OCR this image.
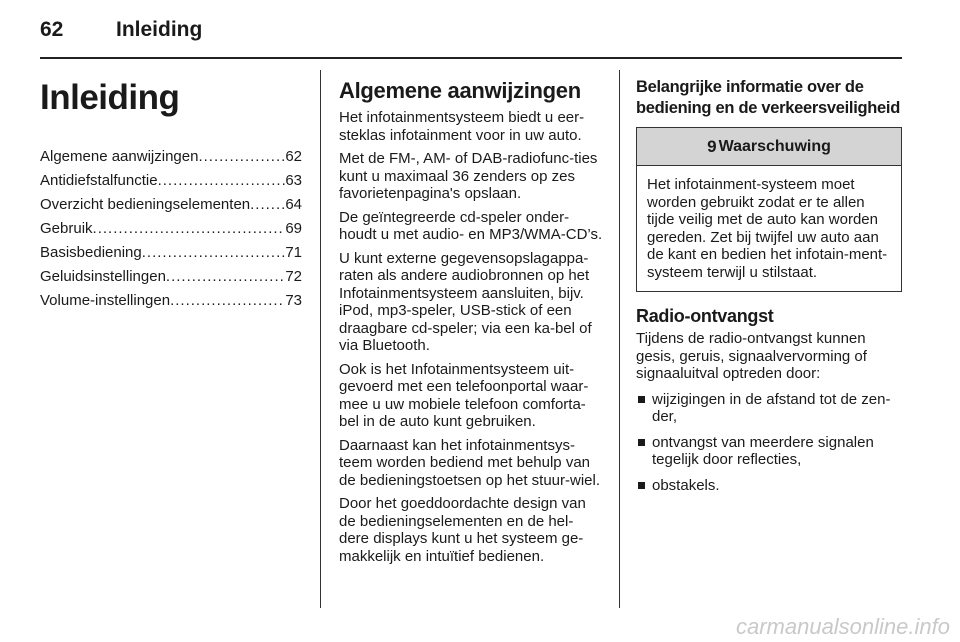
62	Inleiding
Inleiding
Algemene aanwijzingen .....	62
Antidiefstalfunctie .....	63
Overzicht bedieningselementen ..... 64
Gebruik .....	69
Basisbediening .....	71
Geluidsinstellingen .....	72
Volume-instellingen .....	73
Algemene aanwijzingen

Het infotainmentsysteem biedt u eer-steklas infotainment voor in uw auto.

Met de FM-, AM- of DAB-radiofunc-ties kunt u maximaal 36 zenders op zes favorietenpagina's opslaan.

De geïntegreerde cd-speler onder-houdt u met audio- en MP3/WMA-CD’s.

U kunt externe gegevensopslagappa-raten als andere audiobronnen op het Infotainmentsysteem aansluiten, bijv. iPod, mp3-speler, USB-stick of een draagbare cd-speler; via een ka-bel of via Bluetooth.

Ook is het Infotainmentsysteem uit-gevoerd met een telefoonportal waar-mee u uw mobiele telefoon comforta-bel in de auto kunt gebruiken.

Daarnaast kan het infotainmentsys-teem worden bediend met behulp van de bedieningstoetsen op het stuur-wiel.

Door het goeddoordachte design van de bedieningselementen en de hel-dere displays kunt u het systeem ge-makkelijk en intuïtief bedienen.

Belangrijke informatie over de bediening en de verkeersveiligheid
9 Waarschuwing

Het infotainment-systeem moet worden gebruikt zodat er te allen tijde veilig met de auto kan worden gereden. Zet bij twijfel uw auto aan de kant en bedien het infotain-ment-systeem terwijl u stilstaat.

Radio-ontvangst

Tijdens de radio-ontvangst kunnen gesis, geruis, signaalvervorming of signaaluitval optreden door:

wijzigingen in de afstand tot de zen-der,
ontvangst van meerdere signalen tegelijk door reflecties,
obstakels.
carmanualsonline.info
